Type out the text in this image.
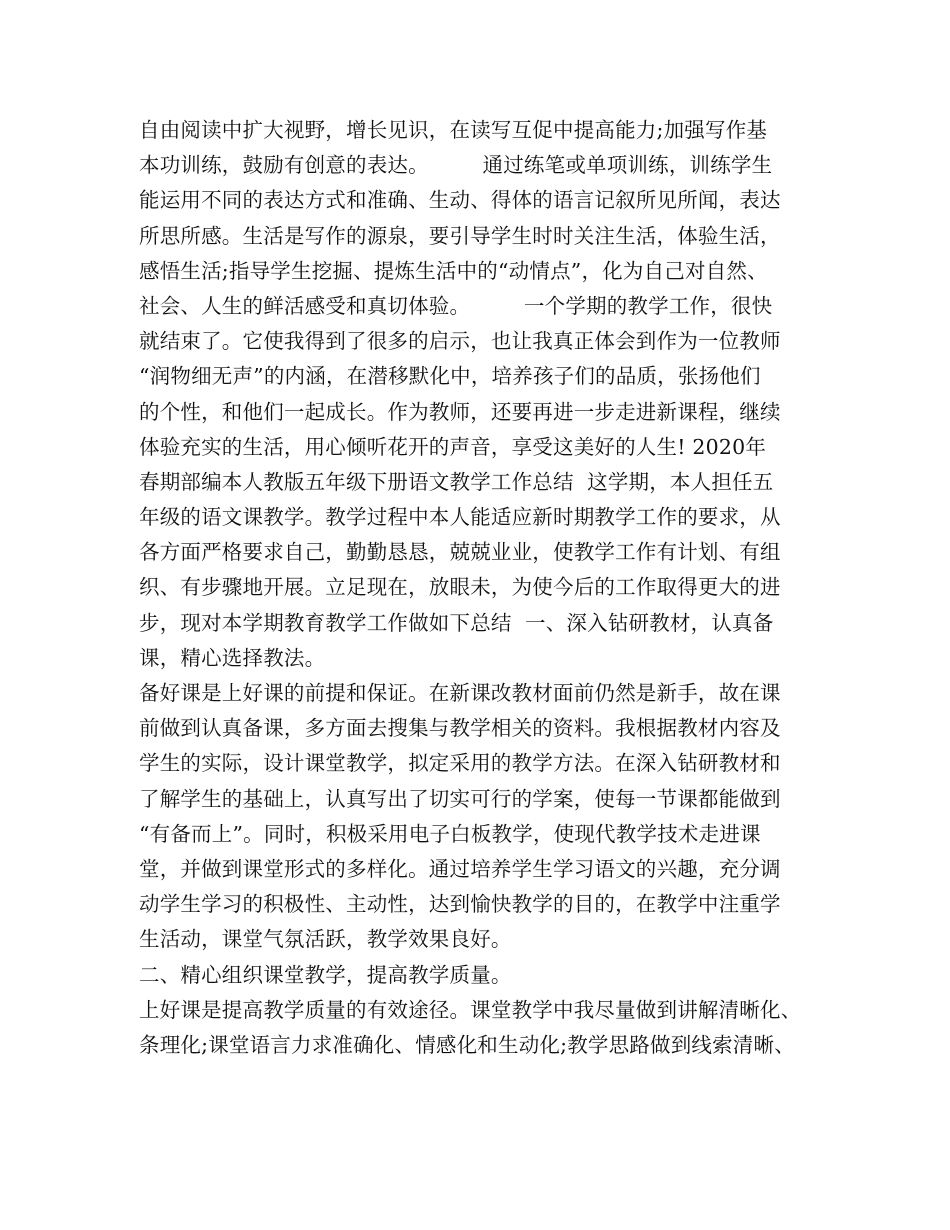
自由阅读中扩大视野，增长见识，在读写互促中提高能力;加强写作基
本功训练，鼓励有创意的表达。        通过练笔或单项训练，训练学生
能运用不同的表达方式和准确、生动、得体的语言记叙所见所闻，表达
所思所感。生活是写作的源泉，要引导学生时时关注生活，体验生活，
感悟生活;指导学生挖掘、提炼生活中的“动情点”，化为自己对自然、
社会、人生的鲜活感受和真切体验。        一个学期的教学工作，很快
就结束了。它使我得到了很多的启示，也让我真正体会到作为一位教师
“润物细无声”的内涵，在潜移默化中，培养孩子们的品质，张扬他们
的个性，和他们一起成长。作为教师，还要再进一步走进新课程，继续
体验充实的生活，用心倾听花开的声音，享受这美好的人生! 2020年
春期部编本人教版五年级下册语文教学工作总结  这学期，本人担任五
年级的语文课教学。教学过程中本人能适应新时期教学工作的要求，从
各方面严格要求自己，勤勤恳恳，兢兢业业，使教学工作有计划、有组
织、有步骤地开展。立足现在，放眼未，为使今后的工作取得更大的进
步，现对本学期教育教学工作做如下总结  一、深入钻研教材，认真备
课，精心选择教法。
备好课是上好课的前提和保证。在新课改教材面前仍然是新手，故在课
前做到认真备课，多方面去搜集与教学相关的资料。我根据教材内容及
学生的实际，设计课堂教学，拟定采用的教学方法。在深入钻研教材和
了解学生的基础上，认真写出了切实可行的学案，使每一节课都能做到
“有备而上”。同时，积极采用电子白板教学，使现代教学技术走进课
堂，并做到课堂形式的多样化。通过培养学生学习语文的兴趣，充分调
动学生学习的积极性、主动性，达到愉快教学的目的，在教学中注重学
生活动，课堂气氛活跃，教学效果良好。
二、精心组织课堂教学，提高教学质量。
上好课是提高教学质量的有效途径。课堂教学中我尽量做到讲解清晰化、
条理化;课堂语言力求准确化、情感化和生动化;教学思路做到线索清晰、
